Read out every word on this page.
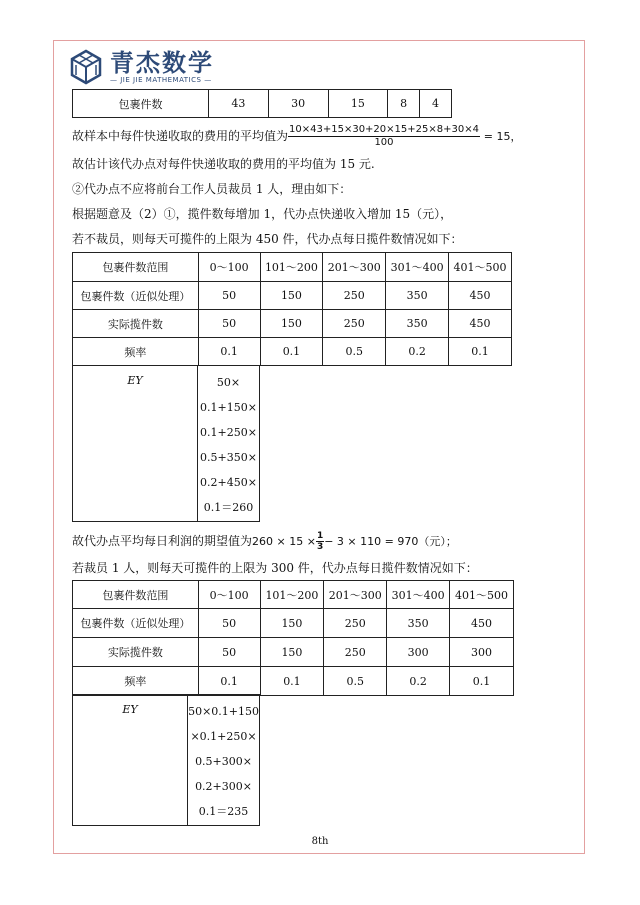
青杰数学
— JIE JIE MATHEMATICS —
包裹件数	43	30	15	8	4
故样本中每件快递收取的费用的平均值为 $\frac{10\times 43+15\times 30+20\times 15+25\times 8+30\times 4}{100} = 15$，
故估计该代办点对每件快递收取的费用的平均值为 15 元.
②代办点不应将前台工作人员裁员 1 人，理由如下：
根据题意及（2）①，揽件数每增加 1，代办点快递收入增加 15（元），
若不裁员，则每天可揽件的上限为 450 件，代办点每日揽件数情况如下：
包裹件数范围	0～100	101～200	201～300	301～400	401～500
包裹件数（近似处理）	50	150	250	350	450
实际揽件数	50	150	250	350	450
频率	0.1	0.1	0.5	0.2	0.1
EY	50×
0.1+150×
0.1+250×
0.5+350×
0.2+450×
0.1＝260
故代办点平均每日利润的期望值为$260 \times 15 \times \frac{1}{3} - 3 \times 110 = 970$（元）；
若裁员 1 人，则每天可揽件的上限为 300 件，代办点每日揽件数情况如下：
包裹件数范围	0～100	101～200	201～300	301～400	401～500
包裹件数（近似处理）	50	150	250	350	450
实际揽件数	50	150	250	300	300
频率	0.1	0.1	0.5	0.2	0.1
EY	50×0.1+150
×0.1+250×
0.5+300×
0.2+300×
0.1＝235
8th
